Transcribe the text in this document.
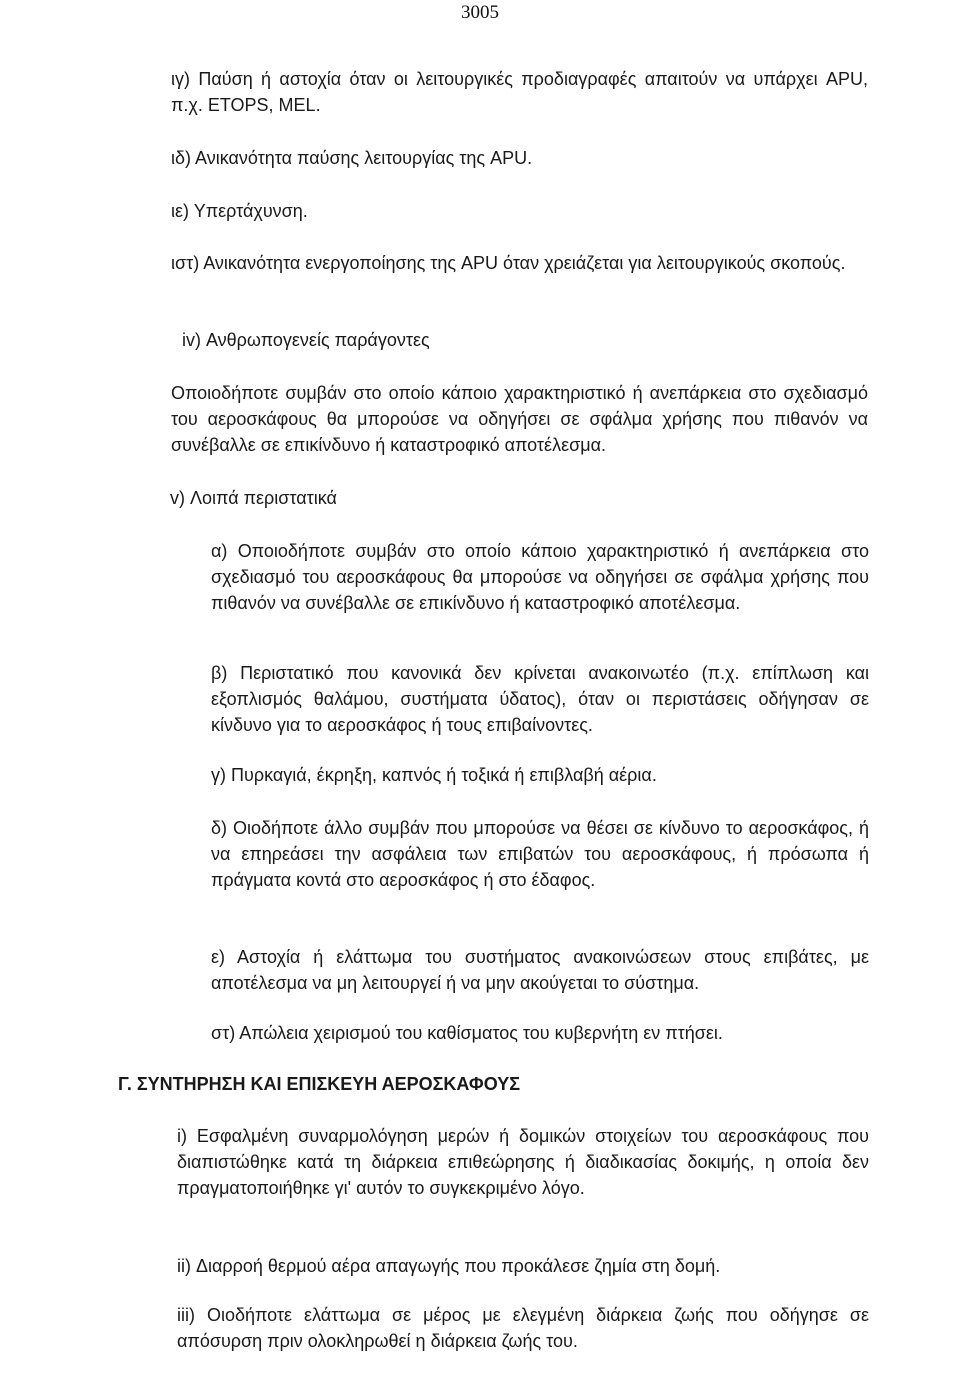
3005

ιγ) Παύση ή αστοχία όταν οι λειτουργικές προδιαγραφές απαιτούν να υπάρχει APU, π.χ. ETOPS, MEL.

ιδ) Ανικανότητα παύσης λειτουργίας της APU.

ιε) Υπερτάχυνση.

ιστ) Ανικανότητα ενεργοποίησης της APU όταν χρειάζεται για λειτουργικούς σκοπούς.

iv) Ανθρωπογενείς παράγοντες

Οποιοδήποτε συμβάν στο οποίο κάποιο χαρακτηριστικό ή ανεπάρκεια στο σχεδιασμό του αεροσκάφους θα μπορούσε να οδηγήσει σε σφάλμα χρήσης που πιθανόν να συνέβαλλε σε επικίνδυνο ή καταστροφικό αποτέλεσμα.

v) Λοιπά περιστατικά

α) Οποιοδήποτε συμβάν στο οποίο κάποιο χαρακτηριστικό ή ανεπάρκεια στο σχεδιασμό του αεροσκάφους θα μπορούσε να οδηγήσει σε σφάλμα χρήσης που πιθανόν να συνέβαλλε σε επικίνδυνο ή καταστροφικό αποτέλεσμα.

β) Περιστατικό που κανονικά δεν κρίνεται ανακοινωτέο (π.χ. επίπλωση και εξοπλισμός θαλάμου, συστήματα ύδατος), όταν οι περιστάσεις οδήγησαν σε κίνδυνο για το αεροσκάφος ή τους επιβαίνοντες.

γ) Πυρκαγιά, έκρηξη, καπνός ή τοξικά ή επιβλαβή αέρια.

δ) Οιοδήποτε άλλο συμβάν που μπορούσε να θέσει σε κίνδυνο το αεροσκάφος, ή να επηρεάσει την ασφάλεια των επιβατών του αεροσκάφους, ή πρόσωπα ή πράγματα κοντά στο αεροσκάφος ή στο έδαφος.

ε) Αστοχία ή ελάττωμα του συστήματος ανακοινώσεων στους επιβάτες, με αποτέλεσμα να μη λειτουργεί ή να μην ακούγεται το σύστημα.

στ) Απώλεια χειρισμού του καθίσματος του κυβερνήτη εν πτήσει.

Γ. ΣΥΝΤΗΡΗΣΗ ΚΑΙ ΕΠΙΣΚΕΥΗ ΑΕΡΟΣΚΑΦΟΥΣ

i) Εσφαλμένη συναρμολόγηση μερών ή δομικών στοιχείων του αεροσκάφους που διαπιστώθηκε κατά τη διάρκεια επιθεώρησης ή διαδικασίας δοκιμής, η οποία δεν πραγματοποιήθηκε γι' αυτόν το συγκεκριμένο λόγο.

ii) Διαρροή θερμού αέρα απαγωγής που προκάλεσε ζημία στη δομή.

iii) Οιοδήποτε ελάττωμα σε μέρος με ελεγμένη διάρκεια ζωής που οδήγησε σε απόσυρση πριν ολοκληρωθεί η διάρκεια ζωής του.
